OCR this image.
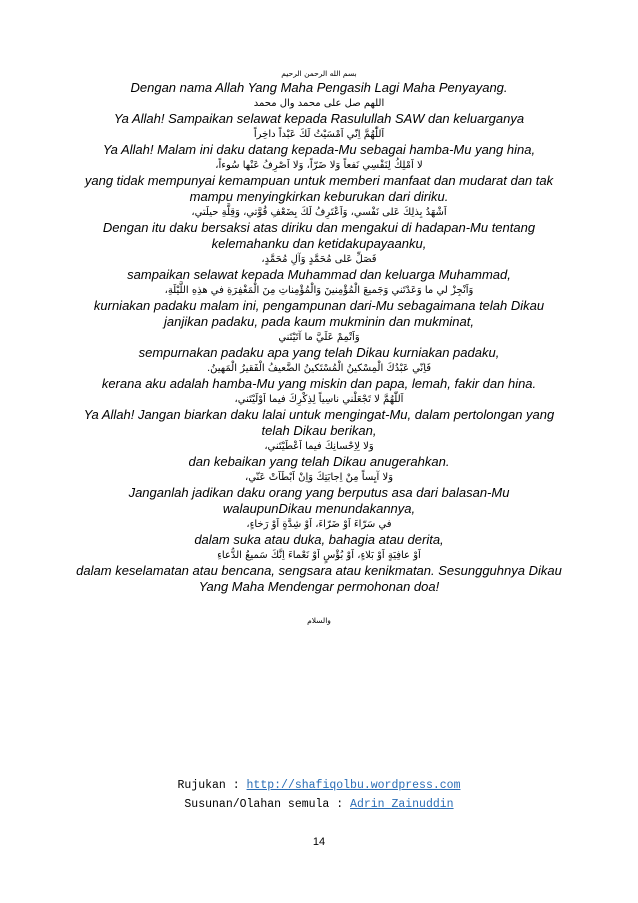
بسم الله الرحمن الرحيم

Dengan nama Allah Yang Maha Pengasih Lagi Maha Penyayang.

اللهم صل على محمد وال محمد

Ya Allah! Sampaikan selawat kepada Rasulullah SAW dan keluarganya

اَللّٰهُمَّ اِنّي اَمْسَيْتُ لَكَ عَبْداً داخِراً

Ya Allah! Malam ini daku datang kepada-Mu sebagai hamba-Mu yang hina,

لا اَمْلِكُ لِنَفْسِي نَفعاً وَلا ضَرّاً، وَلا اَصْرِفُ عَنْها سُوءاً،

yang tidak mempunyai kemampuan untuk memberi manfaat dan mudarat dan tak

mampu menyingkirkan keburukan dari diriku.

اَشْهَدُ بِذلِكَ عَلى نَفْسي، وَاَعْتَرِفُ لَكَ بِضَعْفِ قُوَّتي، وَقِلَّةِ حيلَتي،

Dengan itu daku bersaksi atas diriku dan mengakui di hadapan-Mu tentang

kelemahanku dan ketidakupayaanku,

فَصَلِّ عَلى مُحَمَّدٍ وَآلِ مُحَمَّدٍ،

sampaikan selawat kepada Muhammad dan keluarga Muhammad,

وَاَنْجِزْ لي ما وَعَدْتَني وَجَميعَ الْمُؤْمِنينَ وَالْمُؤْمِناتِ مِنَ الْمَغْفِرَةِ في هذِهِ اللَّيْلَةِ،

kurniakan padaku malam ini, pengampunan dari-Mu sebagaimana telah Dikau

janjikan padaku, pada kaum mukminin dan mukminat,

وَاَتْمِمْ عَلَيَّ ما آتَيْتَني

sempurnakan padaku apa yang telah Dikau kurniakan padaku,

فَاِنّي عَبْدُكَ الْمِسْكينُ الْمُسْتَكينُ الضَّعيفُ الْفَقيرُ الْمَهينُ.

kerana aku adalah hamba-Mu yang miskin dan papa, lemah, fakir dan hina.

اَللّٰهُمَّ لا تَجْعَلْني ناسِياً لِذِكْرِكَ فيما اَوْلَيْتَني،

Ya Allah! Jangan biarkan daku lalai untuk mengingat-Mu, dalam pertolongan yang

telah Dikau berikan,

وَلا لِاِحْسانِكَ فيما اَعْطَيْتَني،

dan kebaikan yang telah Dikau anugerahkan.

وَلا آيِساً مِنْ اِجابَتِكَ وَاِنْ اَبْطَاَتْ عَنّي،

Janganlah jadikan daku orang yang berputus asa dari balasan-Mu

walaupunDikau menundakannya,

في سَرّاءَ اَوْ ضَرّاءَ، اَوْ شِدَّةٍ اَوْ رَخاءٍ،

dalam suka atau duka, bahagia atau derita,

اَوْ عافِيَةٍ اَوْ بَلاءٍ، اَوْ بُؤْسٍ اَوْ نَعْماءَ اِنَّكَ سَميعُ الدُّعاءِ

dalam keselamatan atau bencana, sengsara atau kenikmatan. Sesungguhnya Dikau

Yang Maha Mendengar permohonan doa!

والسلام

Rujukan : http://shafiqolbu.wordpress.com
Susunan/Olahan semula : Adrin Zainuddin
14
